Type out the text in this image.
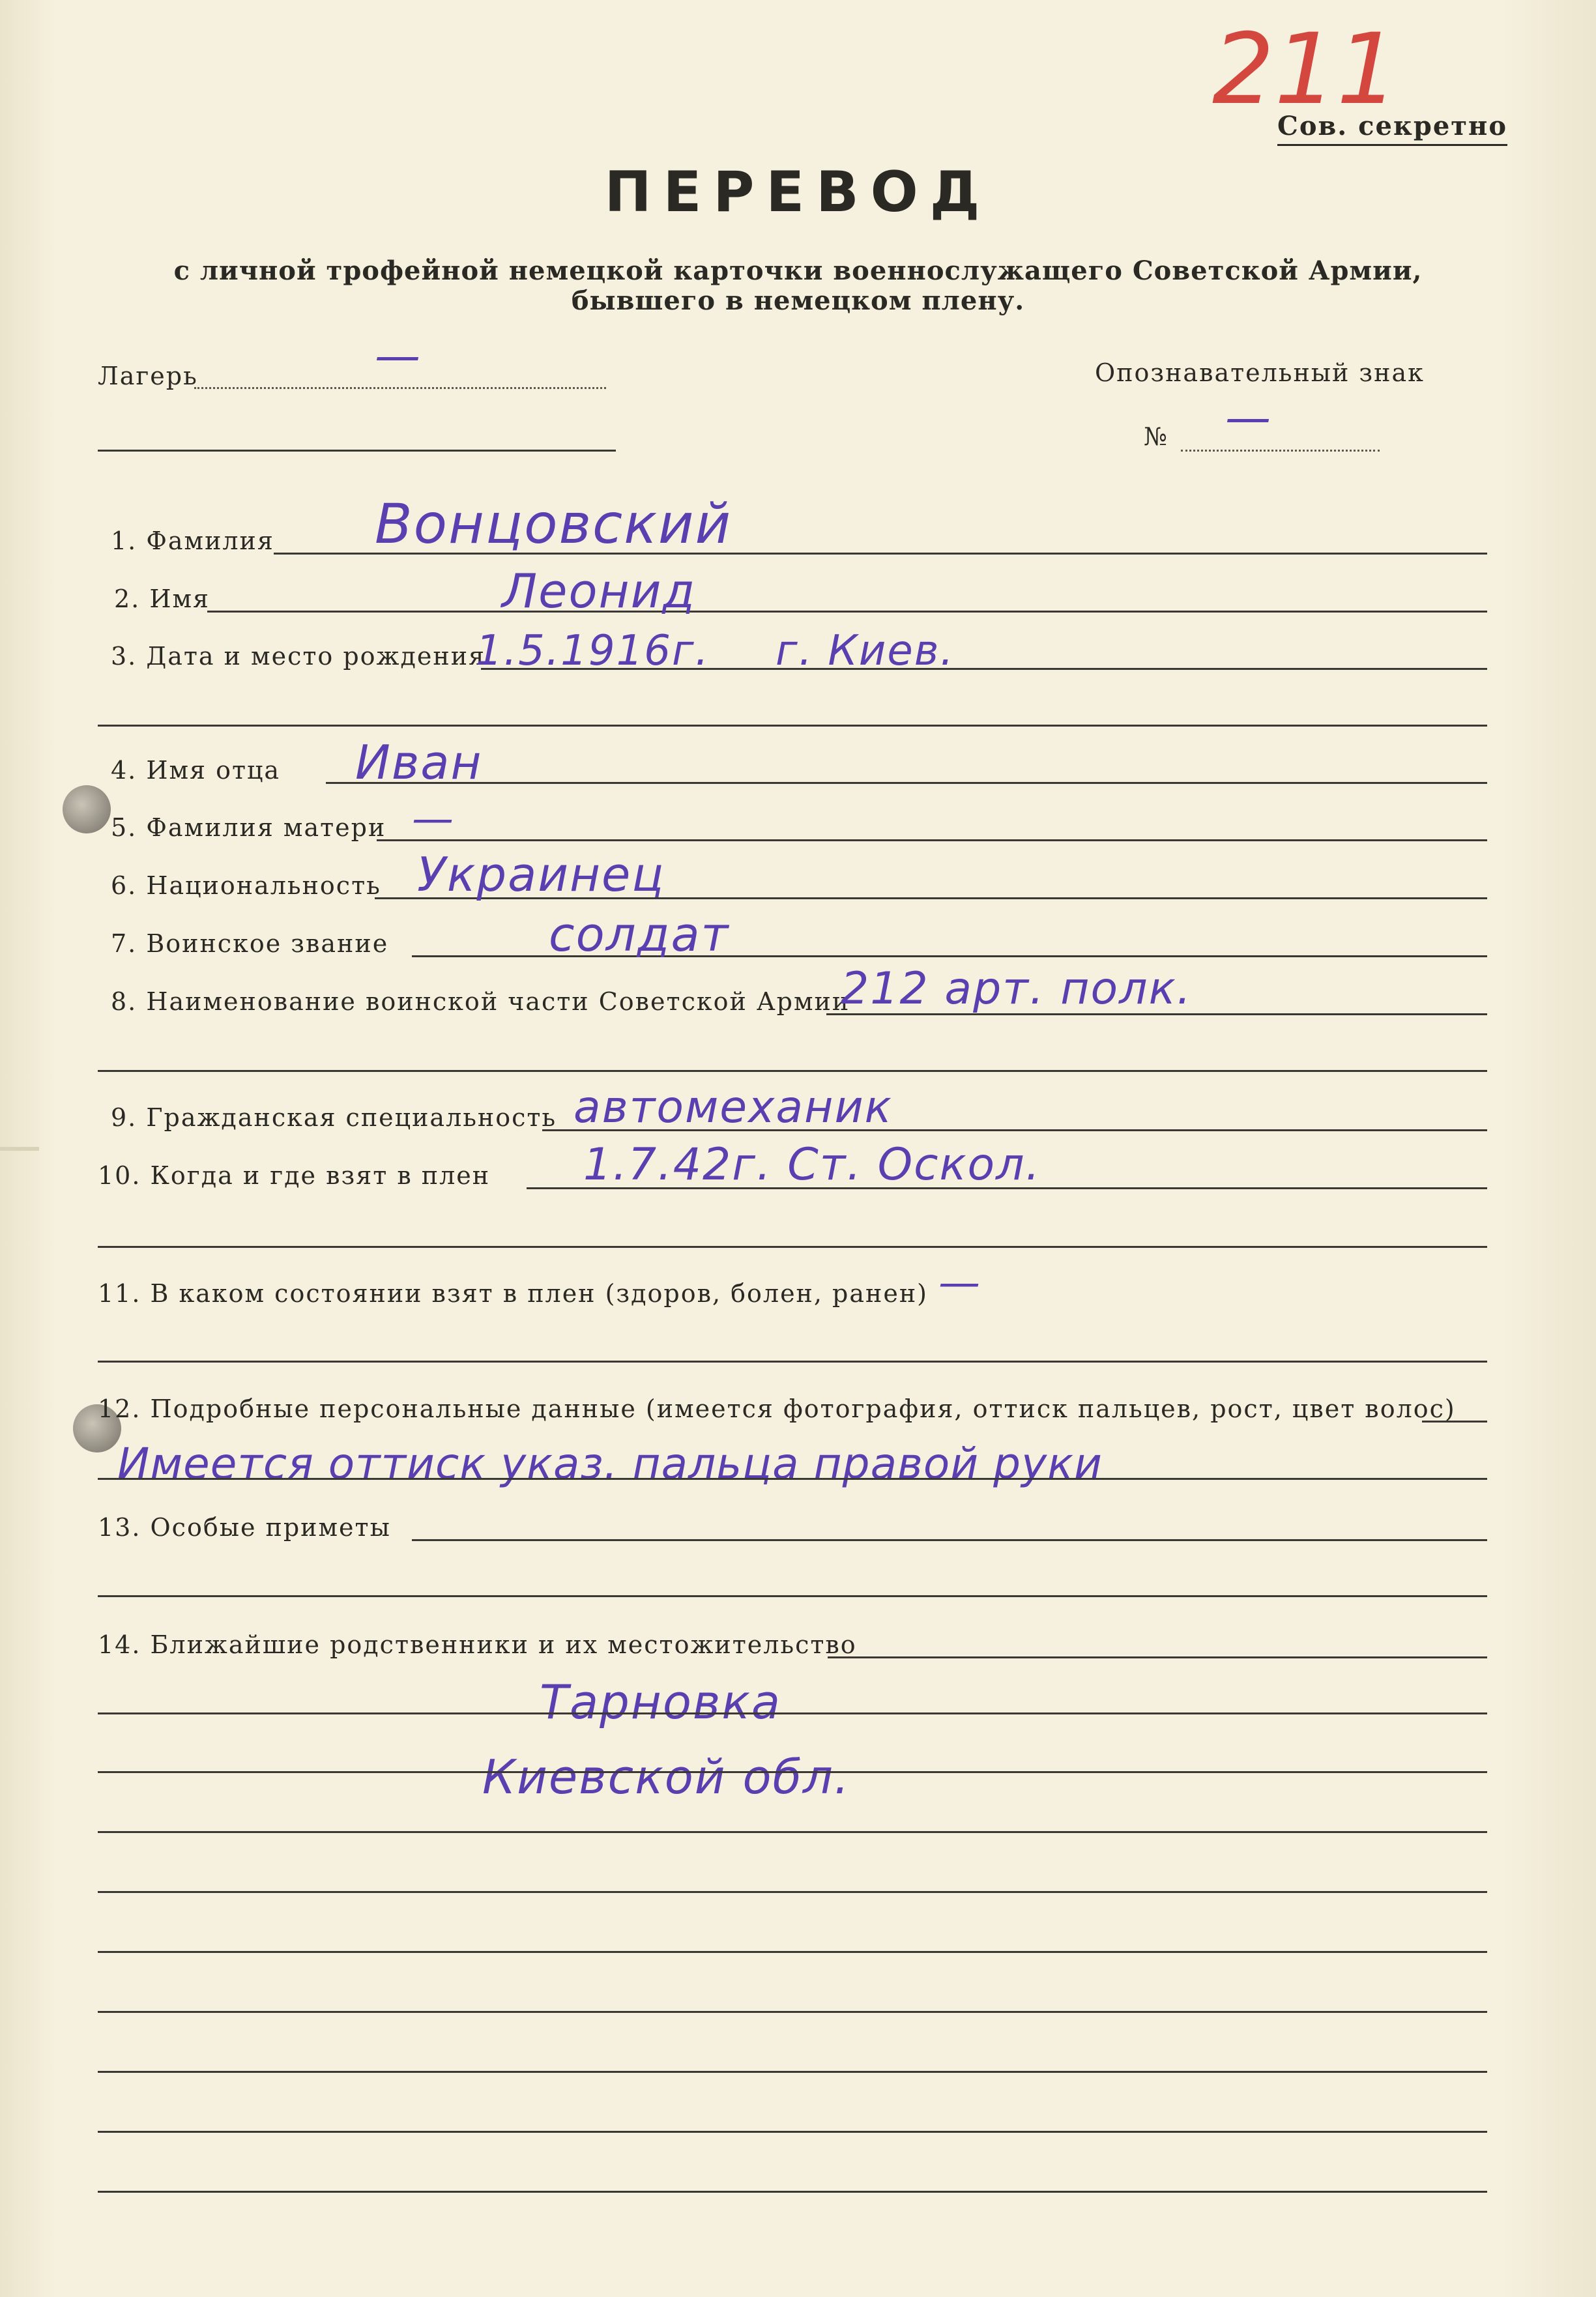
211
Сов. секретно
ПЕРЕВОД
с личной трофейной немецкой карточки военнослужащего Советской Армии,
бывшего в немецком плену.
Лагерь	—	Опознавательный знак
№ —
1. Фамилия Вонцовский
2. Имя	Леонид
3. Дата и место рождения
1.5.1916г. г. Киев.
4. Имя отца Иван
5. Фамилия матери —
6. Национальность Украинец
7. Воинское звание	солдат
8. Наименование воинской части Советской Армии
212 арт. полк.
9. Гражданская специальность автомеханик
10. Когда и где взят в плен 1.7.42г. Ст. Оскол.
11. В каком состоянии взят в плен (здоров, болен, ранен) —
12. Подробные персональные данные (имеется фотография, оттиск пальцев, рост, цвет волос)
Имеется оттиск указ. пальца правой руки
13. Особые приметы
14. Ближайшие родственники и их местожительство
Тарновка
Киевской обл.
